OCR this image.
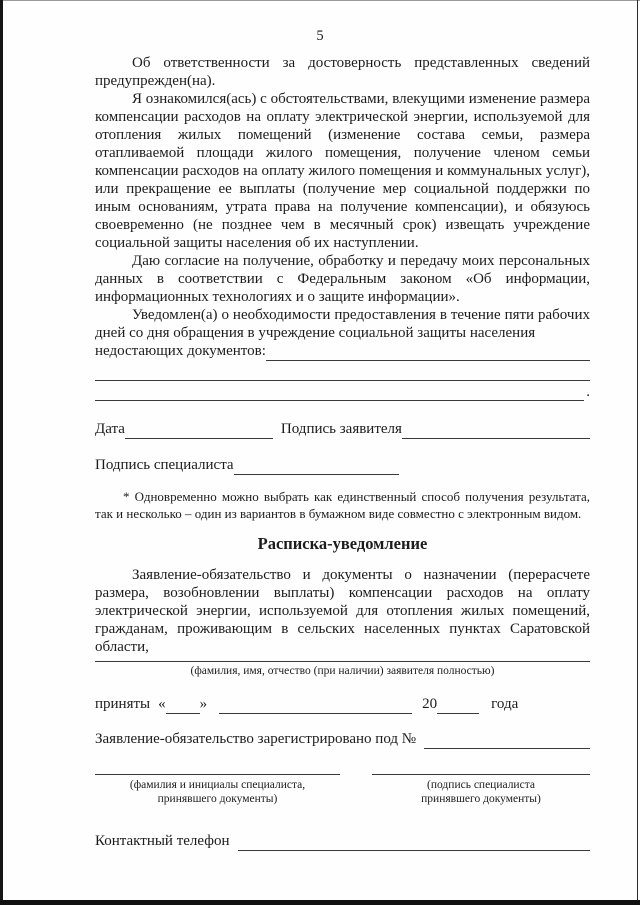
5

Об ответственности за достоверность представленных сведений предупрежден(на).

Я ознакомился(ась) с обстоятельствами, влекущими изменение размера компенсации расходов на оплату электрической энергии, используемой для отопления жилых помещений (изменение состава семьи, размера отапливаемой площади жилого помещения, получение членом семьи компенсации расходов на оплату жилого помещения и коммунальных услуг), или прекращение ее выплаты (получение мер социальной поддержки по иным основаниям, утрата права на получение компенсации), и обязуюсь своевременно (не позднее чем в месячный срок) извещать учреждение социальной защиты населения об их наступлении.

Даю согласие на получение, обработку и передачу моих персональных данных в соответствии с Федеральным законом «Об информации, информационных технологиях и о защите информации».

Уведомлен(а) о необходимости предоставления в течение пяти рабочих дней со дня обращения в учреждение социальной защиты населения

недостающих документов:
.
Дата	Подпись заявителя
Подпись специалиста

* Одновременно можно выбрать как единственный способ получения результата, так и несколько – один из вариантов в бумажном виде совместно с электронным видом.

Расписка-уведомление

Заявление-обязательство и документы о назначении (перерасчете размера, возобновлении выплаты) компенсации расходов на оплату электрической энергии, используемой для отопления жилых помещений, гражданам, проживающим в сельских населенных пунктах Саратовской области,

(фамилия, имя, отчество (при наличии) заявителя полностью)
приняты « »	20	года
Заявление-обязательство зарегистрировано под №
(фамилия и инициалы специалиста,
принявшего документы)
(подпись специалиста
принявшего документы)
Контактный телефон
